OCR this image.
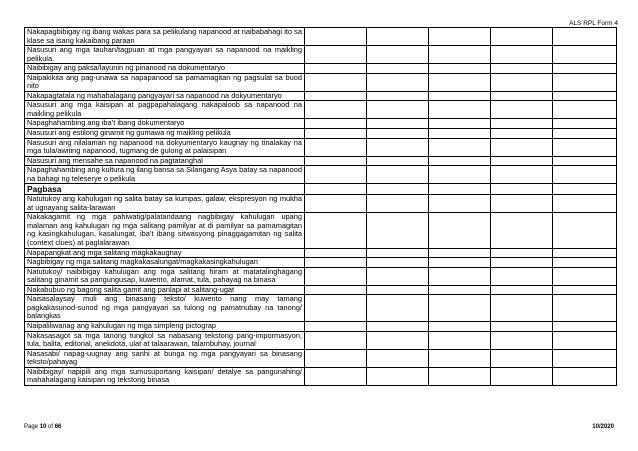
ALS RPL Form 4
Nakapagbibigay ng ibang wakas para sa pelikulang napanood at naibabahagi ito sa klase sa isang kakaibang paraan					
Nasusuri ang mga tauhan/tagpuan at mga pangyayari sa napanood na maikling pelikula.					
Naibibigay ang paksa/layunin ng pinanood na dokumentaryo					
Naipakikita ang pag-unawa sa napapanood sa pamamagitan ng pagsulat sa buod nito					
Nakapagtatala ng mahahalagang pangyayari sa napanood na dokyumentaryo					
Nasusuri ang mga kaisipan at pagpapahalagang nakapaloob sa napanood na maikling pelikula					
Napaghahambing ang iba’t ibang dokumentaryo					
Nasusuri ang estilong ginamit ng gumawa ng maikling pelikula					
Nasusuri ang nilalaman ng napanood na dokyumentaryo kaugnay ng tinalakay na mga tula/awiting napanood, tugmang de gulong at palaisipan					
Nasusuri ang mensahe sa napanood na pagtatanghal					
Napaghahambing ang kultura ng ilang bansa sa Silangang Asya batay sa napanood na bahagi ng teleserye o pelikula					
Pagbasa					
Natutukoy ang kahulugan ng salita batay sa kumpas, galaw, ekspresyon ng mukha at ugnayang salita-larawan					
Nakakagamit ng mga pahiwatig/palatandaang nagbibigay kahulugan upang malaman ang kahulugan ng mga salitang pamilyar at di pamilyar sa pamamagitan ng kasingkahulugan, kasalungat, iba’t ibang sitwasyong pinaggagamitan ng salita (context clues) at paglalarawan					
Napapangkat ang mga salitang magkakaugnay					
Nagbibigay ng mga salitang magkakasalungat/magkakasingkahulugan					
Natutukoy/ naibibigay kahulugan ang mga salitang hiram at matatalinghagang salitang ginamit sa pangungusap, kuwento, alamat, tula, pahayag na binasa					
Nakabubuo ng bagong salita gamit ang panlapi at salitang-ugat					
Naisasalaysay muli ang binasang teksto/ kuwento nang may tamang pagkakasunod-sunod ng mga pangyayari sa tulong ng pamatnubay na tanong/ balangkas					
Naipaliliwanag ang kahulugan ng mga simpleng pictograp					
Nakasasagot sa mga tanong tungkol sa nabasang tekstong pang-impormasyon, tula, balita, editorial, anekdota, ulat at talaarawan, talambuhay, journal					
Nasasabi/ napag-uugnay ang sanhi at bunga ng mga pangyayari sa binasang teksto/pahayag					
Naibibigay/ napipili ang mga sumusuportang kaisipan/ detalye sa pangunahing/ mahahalagang kaisipan ng tekstong binasa					
Page 10 of 66	10/2020
